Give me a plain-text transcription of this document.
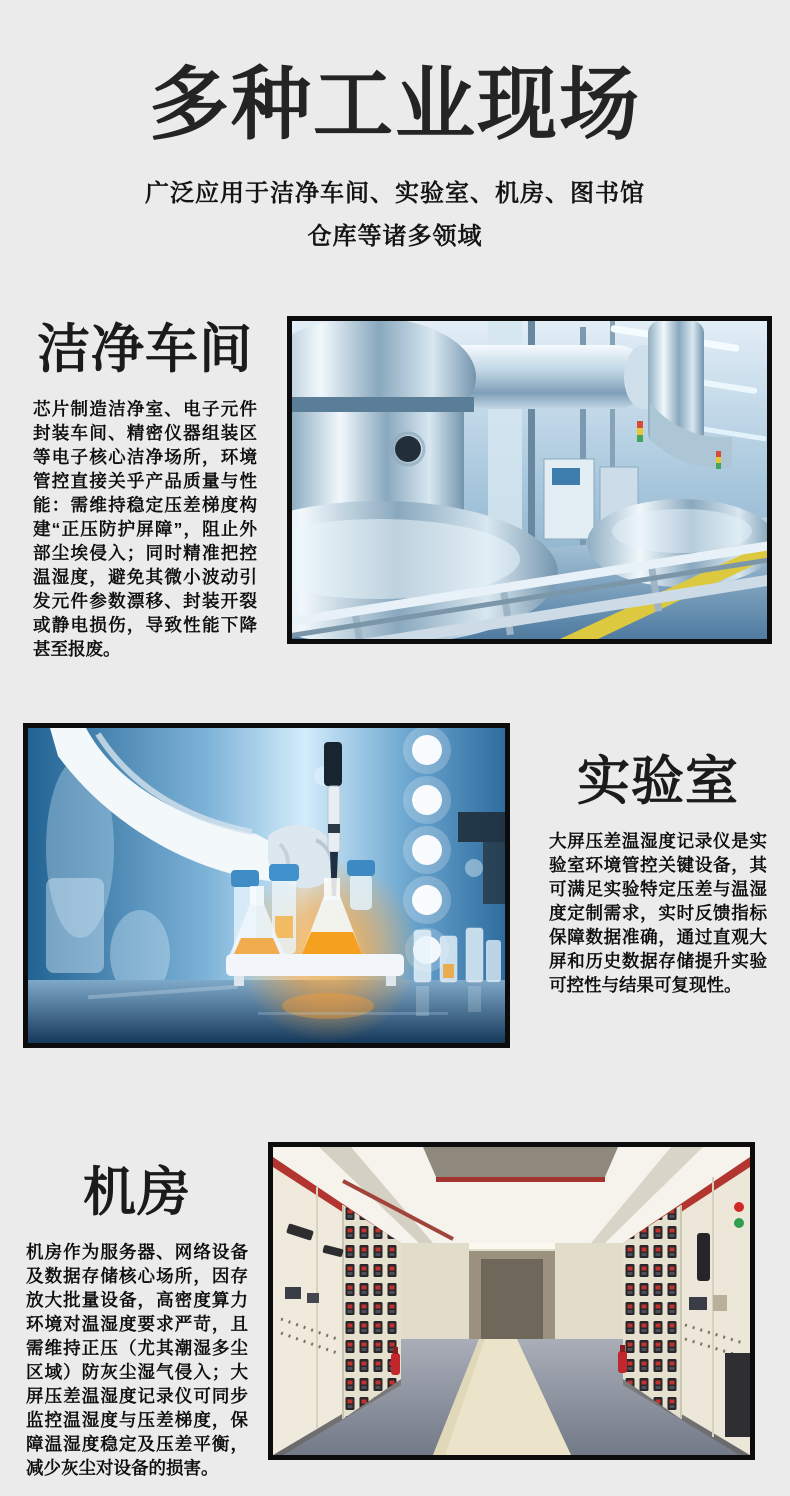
多种工业现场
广泛应用于洁净车间、实验室、机房、图书馆
仓库等诸多领域
洁净车间

芯片制造洁净室、电子元件封装车间、精密仪器组装区等电子核心洁净场所，环境管控直接关乎产品质量与性能：需维持稳定压差梯度构建“正压防护屏障”，阻止外部尘埃侵入；同时精准把控温湿度，避免其微小波动引发元件参数漂移、封装开裂或静电损伤，导致性能下降甚至报废。

实验室

大屏压差温湿度记录仪是实验室环境管控关键设备，其可满足实验特定压差与温湿度定制需求，实时反馈指标保障数据准确，通过直观大屏和历史数据存储提升实验可控性与结果可复现性。

机房

机房作为服务器、网络设备及数据存储核心场所，因存放大批量设备，高密度算力环境对温湿度要求严苛，且需维持正压（尤其潮湿多尘区域）防灰尘湿气侵入；大屏压差温湿度记录仪可同步监控温湿度与压差梯度，保障温湿度稳定及压差平衡，减少灰尘对设备的损害。
